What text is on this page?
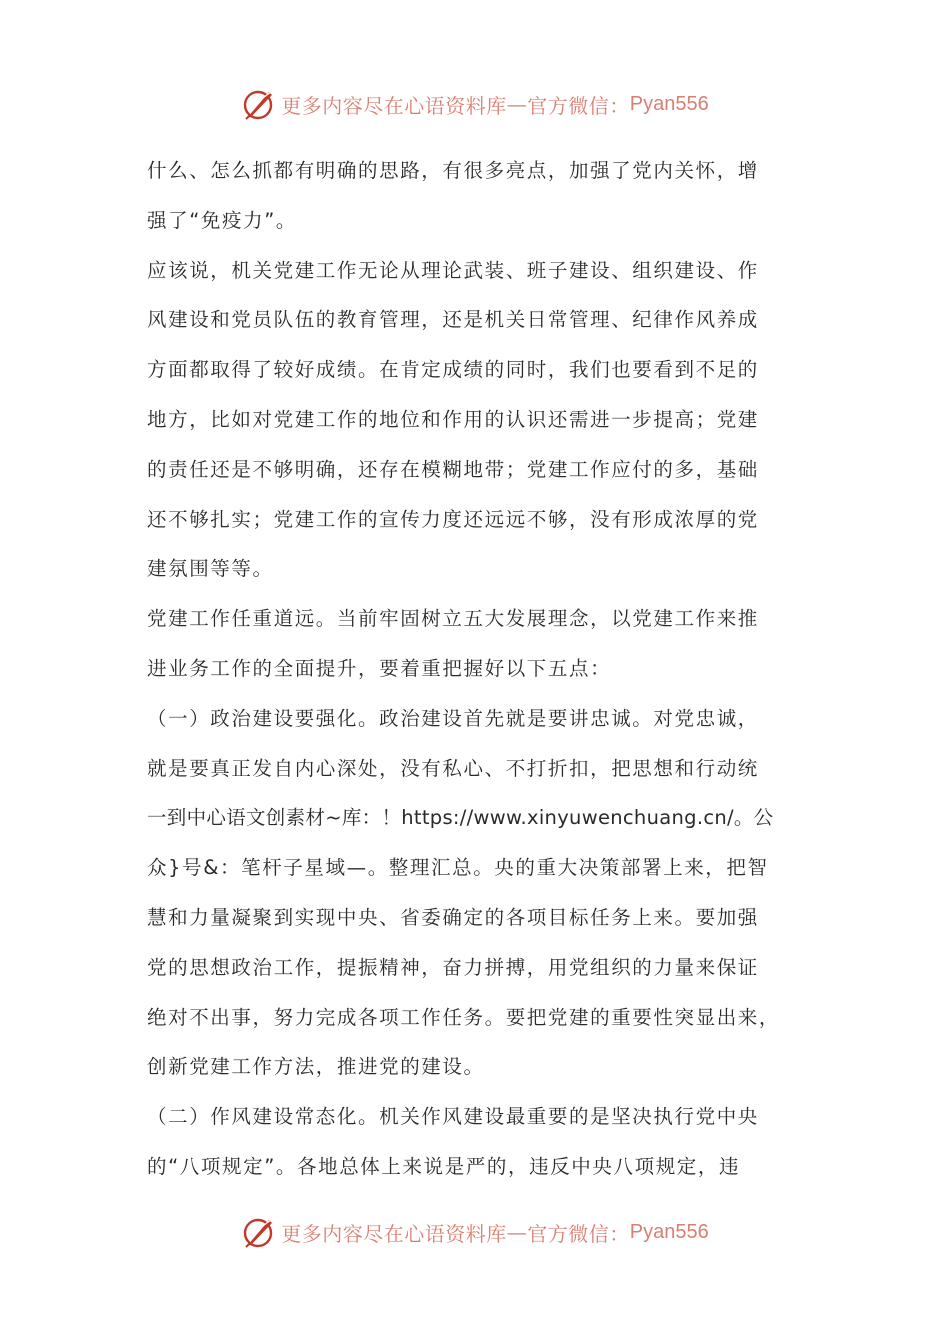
更多内容尽在心语资料库 — 官方微信： Pyan556
什么、怎么抓都有明确的思路，有很多亮点，加强了党内关怀，增
强了“免疫力”。
应该说，机关党建工作无论从理论武装、班子建设、组织建设、作
风建设和党员队伍的教育管理，还是机关日常管理、纪律作风养成
方面都取得了较好成绩。在肯定成绩的同时，我们也要看到不足的
地方，比如对党建工作的地位和作用的认识还需进一步提高；党建
的责任还是不够明确，还存在模糊地带；党建工作应付的多，基础
还不够扎实；党建工作的宣传力度还远远不够，没有形成浓厚的党
建氛围等等。
党建工作任重道远。当前牢固树立五大发展理念，以党建工作来推
进业务工作的全面提升，要着重把握好以下五点：
（一）政治建设要强化。政治建设首先就是要讲忠诚。对党忠诚，
就是要真正发自内心深处，没有私心、不打折扣，把思想和行动统
一到中心语文创素材~库：！https://www.xinyuwenchuang.cn/。公
众}号&：笔杆子星域—。整理汇总。央的重大决策部署上来，把智
慧和力量凝聚到实现中央、省委确定的各项目标任务上来。要加强
党的思想政治工作，提振精神，奋力拼搏，用党组织的力量来保证
绝对不出事，努力完成各项工作任务。要把党建的重要性突显出来，
创新党建工作方法，推进党的建设。
（二）作风建设常态化。机关作风建设最重要的是坚决执行党中央
的“八项规定”。各地总体上来说是严的，违反中央八项规定，违
更多内容尽在心语资料库 — 官方微信： Pyan556
